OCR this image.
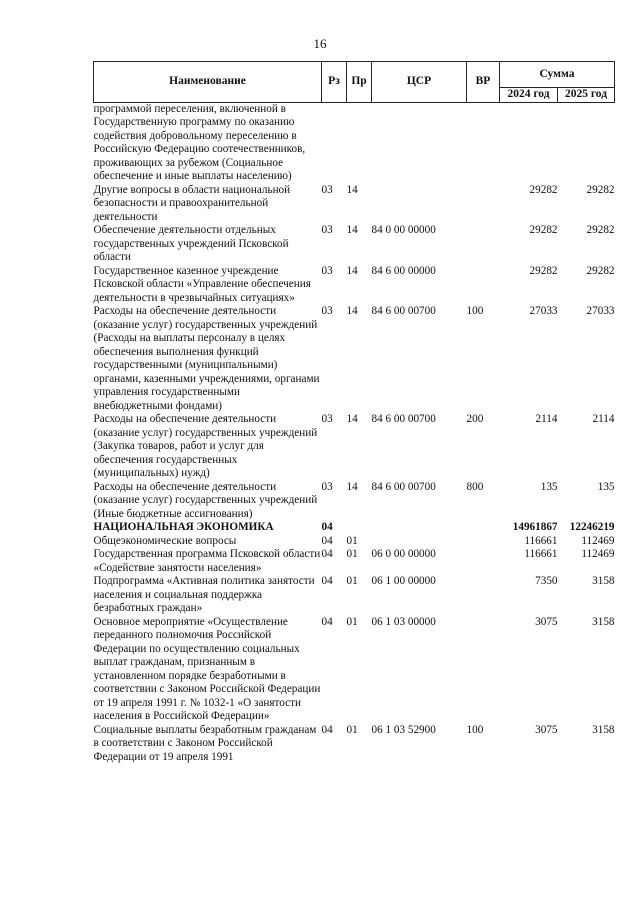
16
Наименование	Рз	Пр	ЦСР	ВР	Сумма	
					2024 год	2025 год
программой переселения, включенной в Государственную программу по оказанию содействия добровольному переселению в Российскую Федерацию соотечественников, проживающих за рубежом (Социальное обеспечение и иные выплаты населению)						
Другие вопросы в области национальной безопасности и правоохранительной деятельности	03	14			29282	29282
Обеспечение деятельности отдельных государственных учреждений Псковской области	03	14	84 0 00 00000		29282	29282
Государственное казенное учреждение Псковской области «Управление обеспечения деятельности в чрезвычайных ситуациях»	03	14	84 6 00 00000		29282	29282
Расходы на обеспечение деятельности (оказание услуг) государственных учреждений (Расходы на выплаты персоналу в целях обеспечения выполнения функций государственными (муниципальными) органами, казенными учреждениями, органами управления государственными внебюджетными фондами)	03	14	84 6 00 00700	100	27033	27033
Расходы на обеспечение деятельности (оказание услуг) государственных учреждений (Закупка товаров, работ и услуг для обеспечения государственных (муниципальных) нужд)	03	14	84 6 00 00700	200	2114	2114
Расходы на обеспечение деятельности (оказание услуг) государственных учреждений (Иные бюджетные ассигнования)	03	14	84 6 00 00700	800	135	135
НАЦИОНАЛЬНАЯ ЭКОНОМИКА	04				14961867	12246219
Общеэкономические вопросы	04	01			116661	112469
Государственная программа Псковской области «Содействие занятости населения»	04	01	06 0 00 00000		116661	112469
Подпрограмма «Активная политика занятости населения и социальная поддержка безработных граждан»	04	01	06 1 00 00000		7350	3158
Основное мероприятие «Осуществление переданного полномочия Российской Федерации по осуществлению социальных выплат гражданам, признанным в установленном порядке безработными в соответствии с Законом Российской Федерации от 19 апреля 1991 г. № 1032-1 «О занятости населения в Российской Федерации»	04	01	06 1 03 00000		3075	3158
Социальные выплаты безработным гражданам в соответствии с Законом Российской Федерации от 19 апреля 1991	04	01	06 1 03 52900	100	3075	3158
